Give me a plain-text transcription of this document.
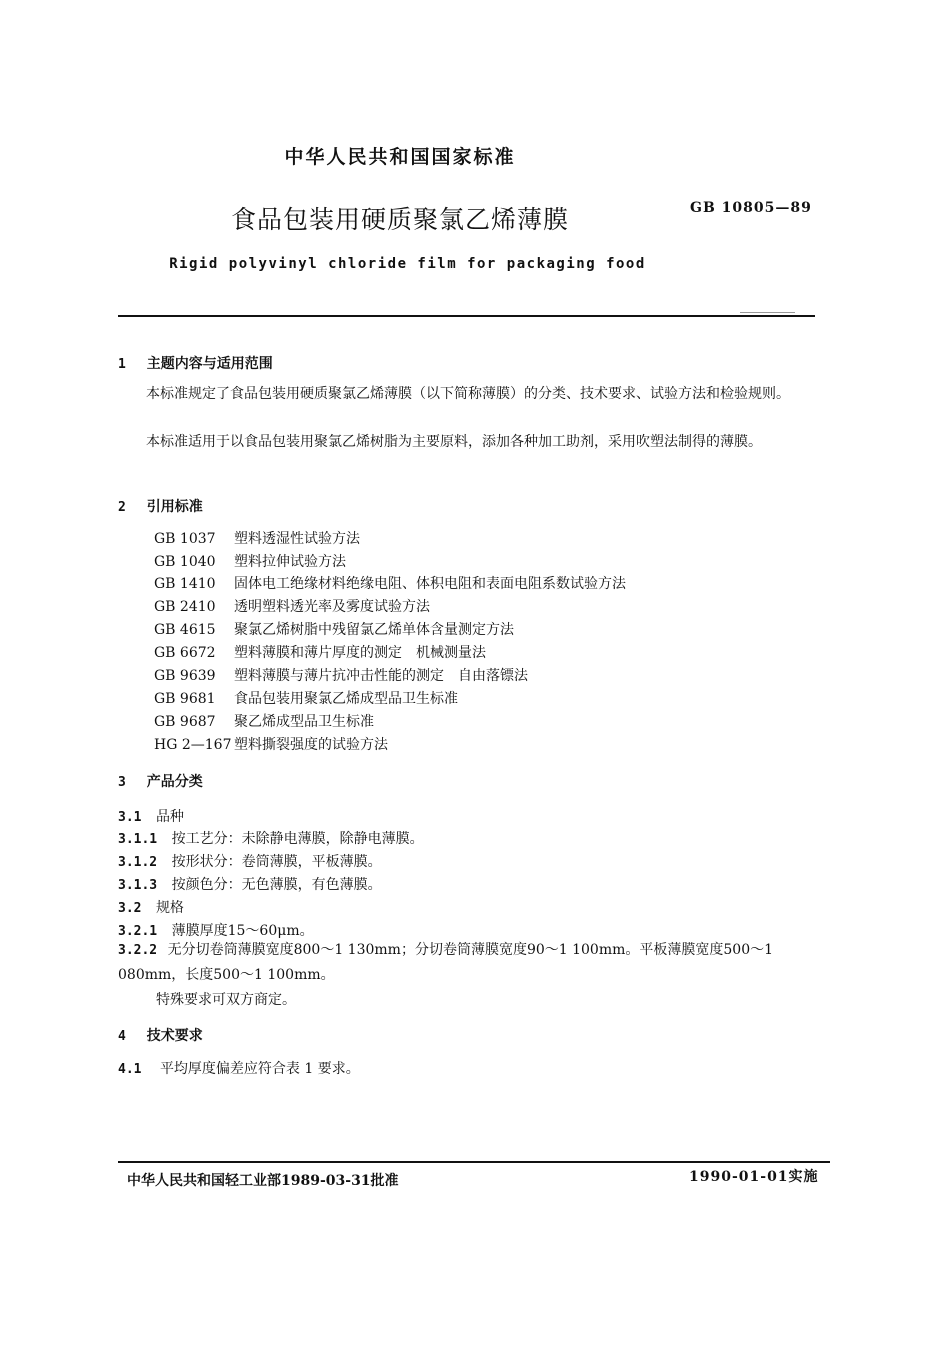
中华人民共和国国家标准
食品包装用硬质聚氯乙烯薄膜	GB 10805—89
Rigid polyvinyl chloride film for packaging food
1 主题内容与适用范围
本标准规定了食品包装用硬质聚氯乙烯薄膜（以下简称薄膜）的分类、技术要求、试验方法和检验规则。
本标准适用于以食品包装用聚氯乙烯树脂为主要原料，添加各种加工助剂，采用吹塑法制得的薄膜。
2 引用标准
GB 1037 塑料透湿性试验方法
GB 1040 塑料拉伸试验方法
GB 1410 固体电工绝缘材料绝缘电阻、体积电阻和表面电阻系数试验方法
GB 2410 透明塑料透光率及雾度试验方法
GB 4615 聚氯乙烯树脂中残留氯乙烯单体含量测定方法
GB 6672 塑料薄膜和薄片厚度的测定　机械测量法
GB 9639 塑料薄膜与薄片抗冲击性能的测定　自由落镖法
GB 9681 食品包装用聚氯乙烯成型品卫生标准
GB 9687 聚乙烯成型品卫生标准
HG 2—167 塑料撕裂强度的试验方法
3 产品分类
3.1 品种
3.1.1 按工艺分：未除静电薄膜，除静电薄膜。
3.1.2 按形状分：卷筒薄膜，平板薄膜。
3.1.3 按颜色分：无色薄膜，有色薄膜。
3.2 规格
3.2.1 薄膜厚度15～60μm。
3.2.2 无分切卷筒薄膜宽度800～1 130mm；分切卷筒薄膜宽度90～1 100mm。平板薄膜宽度500～1 080mm，长度500～1 100mm。
特殊要求可双方商定。
4 技术要求
4.1 平均厚度偏差应符合表 1 要求。
中华人民共和国轻工业部1989-03-31批准	1990-01-01实施
